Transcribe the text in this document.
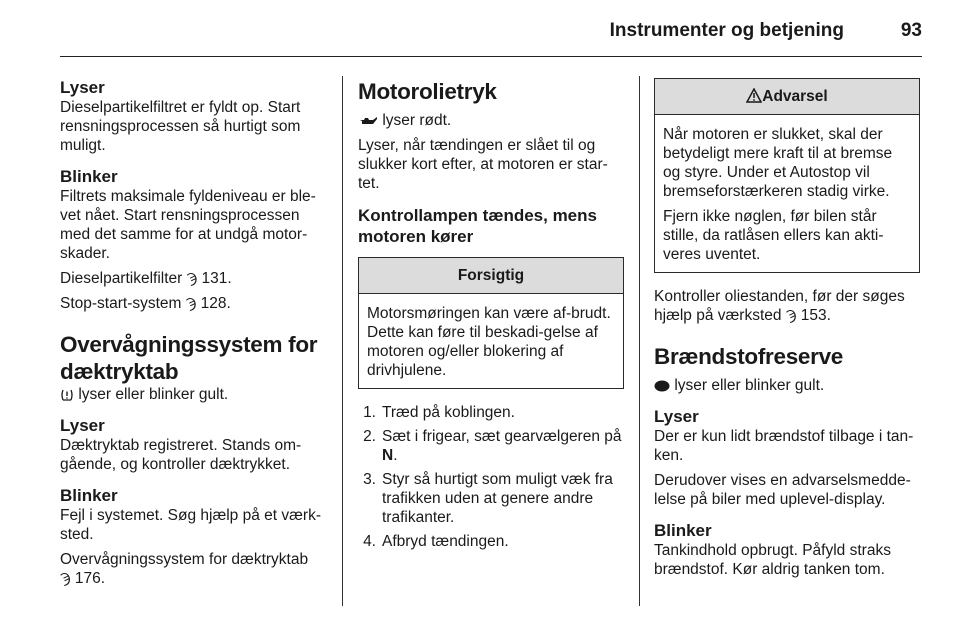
Instrumenter og betjening	93
Lyser
Dieselpartikelfiltret er fyldt op. Start rensningsprocessen så hurtigt som muligt.
Blinker
Filtrets maksimale fyldeniveau er ble-vet nået. Start rensningsprocessen med det samme for at undgå motor-skader.
Dieselpartikelfilter Ϡ 131.
Stop-start-system Ϡ 128.
Overvågningssystem for dæktryktab
lyser eller blinker gult.
Lyser
Dæktryktab registreret. Stands om-gående, og kontroller dæktrykket.
Blinker
Fejl i systemet. Søg hjælp på et værk-sted.
Overvågningssystem for dæktryktab
Ϡ 176.
Motorolietryk
lyser rødt.
Lyser, når tændingen er slået til og slukker kort efter, at motoren er star-tet.
Kontrollampen tændes, mens motoren kører
Forsigtig
Motorsmøringen kan være af-brudt. Dette kan føre til beskadi-gelse af motoren og/eller blokering af drivhjulene.
1. Træd på koblingen.
2. Sæt i frigear, sæt gearvælgeren på N.
3. Styr så hurtigt som muligt væk fra trafikken uden at genere andre trafikanter.
4. Afbryd tændingen.
Advarsel
Når motoren er slukket, skal der betydeligt mere kraft til at bremse og styre. Under et Autostop vil bremseforstærkeren stadig virke.
Fjern ikke nøglen, før bilen står stille, da ratlåsen ellers kan akti-veres uventet.
Kontroller oliestanden, før der søges hjælp på værksted Ϡ 153.
Brændstofreserve
lyser eller blinker gult.
Lyser
Der er kun lidt brændstof tilbage i tan-ken.
Derudover vises en advarselsmedde-lelse på biler med uplevel-display.
Blinker
Tankindhold opbrugt. Påfyld straks brændstof. Kør aldrig tanken tom.
